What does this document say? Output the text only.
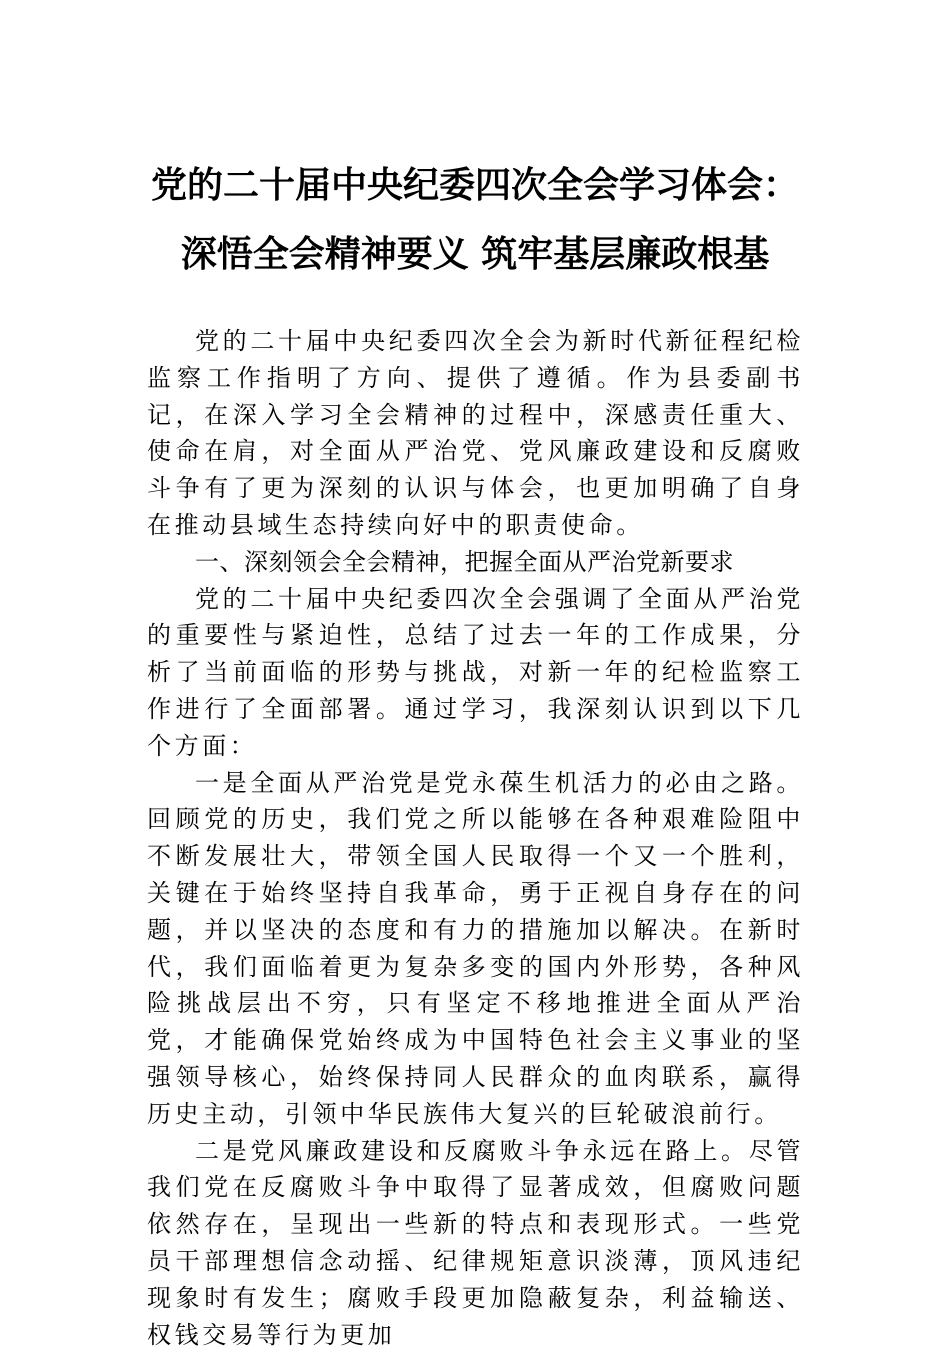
党的二十届中央纪委四次全会学习体会：
深悟全会精神要义 筑牢基层廉政根基

党的二十届中央纪委四次全会为新时代新征程纪检监察工作指明了方向、提供了遵循。作为县委副书记，在深入学习全会精神的过程中，深感责任重大、使命在肩，对全面从严治党、党风廉政建设和反腐败斗争有了更为深刻的认识与体会，也更加明确了自身在推动县域生态持续向好中的职责使命。

一、深刻领会全会精神，把握全面从严治党新要求

党的二十届中央纪委四次全会强调了全面从严治党的重要性与紧迫性，总结了过去一年的工作成果，分析了当前面临的形势与挑战，对新一年的纪检监察工作进行了全面部署。通过学习，我深刻认识到以下几个方面：

一是全面从严治党是党永葆生机活力的必由之路。回顾党的历史，我们党之所以能够在各种艰难险阻中不断发展壮大，带领全国人民取得一个又一个胜利，关键在于始终坚持自我革命，勇于正视自身存在的问题，并以坚决的态度和有力的措施加以解决。在新时代，我们面临着更为复杂多变的国内外形势，各种风险挑战层出不穷，只有坚定不移地推进全面从严治党，才能确保党始终成为中国特色社会主义事业的坚强领导核心，始终保持同人民群众的血肉联系，赢得历史主动，引领中华民族伟大复兴的巨轮破浪前行。

二是党风廉政建设和反腐败斗争永远在路上。尽管我们党在反腐败斗争中取得了显著成效，但腐败问题依然存在，呈现出一些新的特点和表现形式。一些党员干部理想信念动摇、纪律规矩意识淡薄，顶风违纪现象时有发生；腐败手段更加隐蔽复杂，利益输送、权钱交易等行为更加
